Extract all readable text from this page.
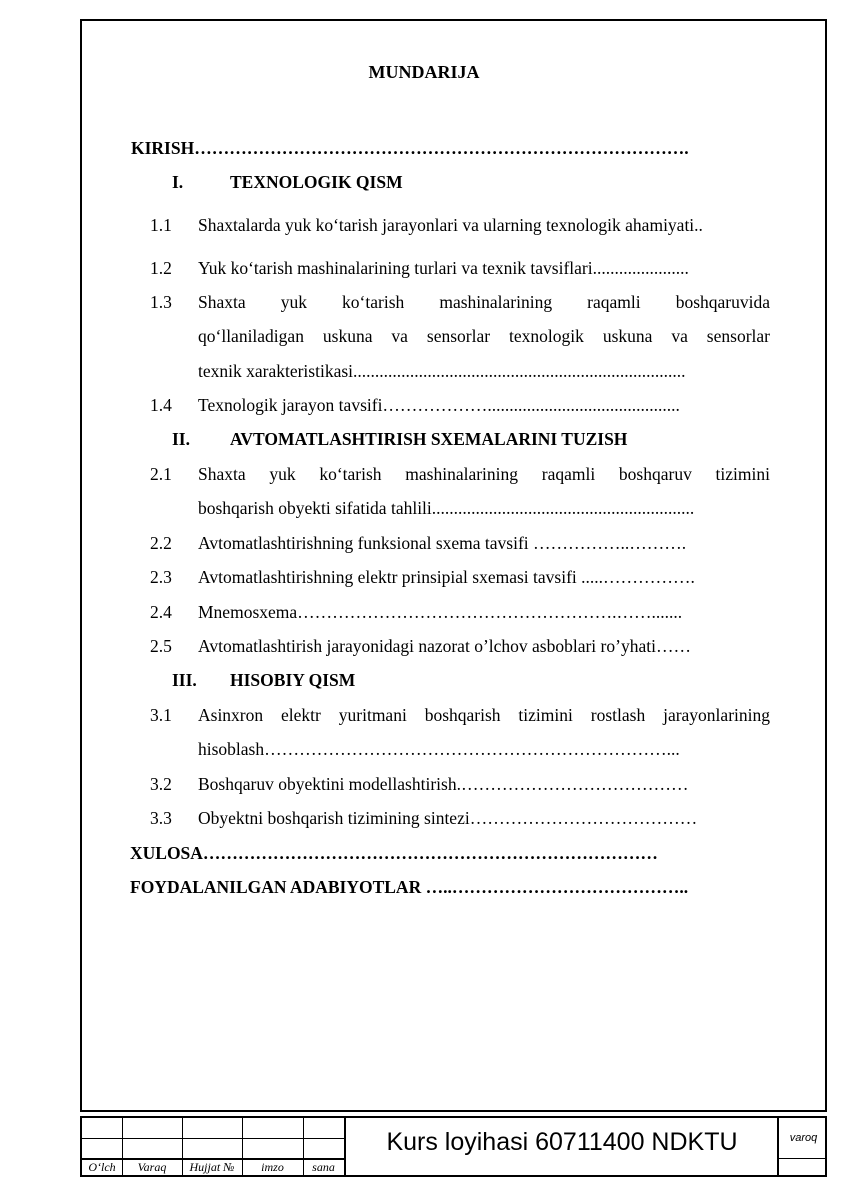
MUNDARIJA
KIRISH………………………………………………………………………….
I.	TEXNOLOGIK QISM
1.1 Shaxtalarda yuk ko‘tarish jarayonlari va ularning texnologik ahamiyati..
1.2 Yuk ko‘tarish mashinalarining turlari va texnik tavsiflari......................
1.3 Shaxta yuk ko‘tarish mashinalarining raqamli boshqaruvida
qo‘llaniladigan uskuna va sensorlar texnologik uskuna va sensorlar
texnik xarakteristikasi............................................................................
1.4 Texnologik jarayon tavsifi………………............................................
II. AVTOMATLASHTIRISH SXEMALARINI TUZISH
2.1 Shaxta yuk ko‘tarish mashinalarining raqamli boshqaruv tizimini
boshqarish obyekti sifatida tahlili............................................................
2.2 Avtomatlashtirishning funksional sxema tavsifi ……………..……….
2.3 Avtomatlashtirishning elektr prinsipial sxemasi tavsifi .....…………….
2.4 Mnemosxema……………………………………………….…….......
2.5 Avtomatlashtirish jarayonidagi nazorat o’lchov asboblari ro’yhati……
III. HISOBIY QISM
3.1 Asinxron elektr yuritmani boshqarish tizimini rostlash jarayonlarining
hisoblash……………………………………………………………...
3.2 Boshqaruv obyektini modellashtirish.…………………………………
3.3 Obyektni boshqarish tizimining sintezi…………………………………
XULOSA……………………………………………………………………
FOYDALANILGAN ADABIYOTLAR …..…………………………………..
O‘lch	Varaq	Hujjat №	imzo	sana
Kurs loyihasi 60711400 NDKTU	varoq
